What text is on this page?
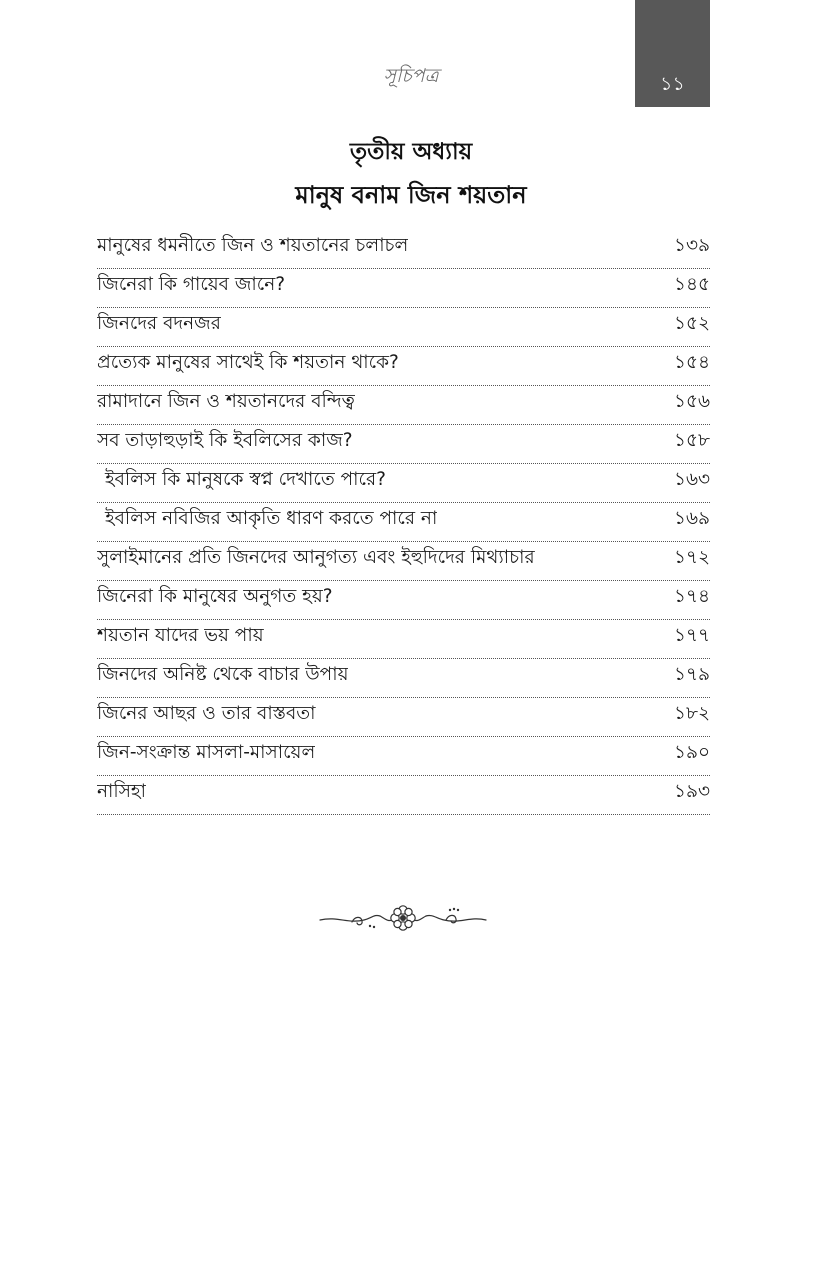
সূচিপত্র	১১
তৃতীয় অধ্যায়
মানুষ বনাম জিন শয়তান
মানুষের ধমনীতে জিন ও শয়তানের চলাচল	১৩৯
জিনেরা কি গায়েব জানে?	১৪৫
জিনদের বদনজর	১৫২
প্রত্যেক মানুষের সাথেই কি শয়তান থাকে?	১৫৪
রামাদানে জিন ও শয়তানদের বন্দিত্ব	১৫৬
সব তাড়াহুড়াই কি ইবলিসের কাজ?	১৫৮
ইবলিস কি মানুষকে স্বপ্ন দেখাতে পারে?	১৬৩
ইবলিস নবিজির আকৃতি ধারণ করতে পারে না	১৬৯
সুলাইমানের প্রতি জিনদের আনুগত্য এবং ইহুদিদের মিথ্যাচার	১৭২
জিনেরা কি মানুষের অনুগত হয়?	১৭৪
শয়তান যাদের ভয় পায়	১৭৭
জিনদের অনিষ্ট থেকে বাচার উপায়	১৭৯
জিনের আছর ও তার বাস্তবতা	১৮২
জিন-সংক্রান্ত মাসলা-মাসায়েল	১৯০
নাসিহা	১৯৩
